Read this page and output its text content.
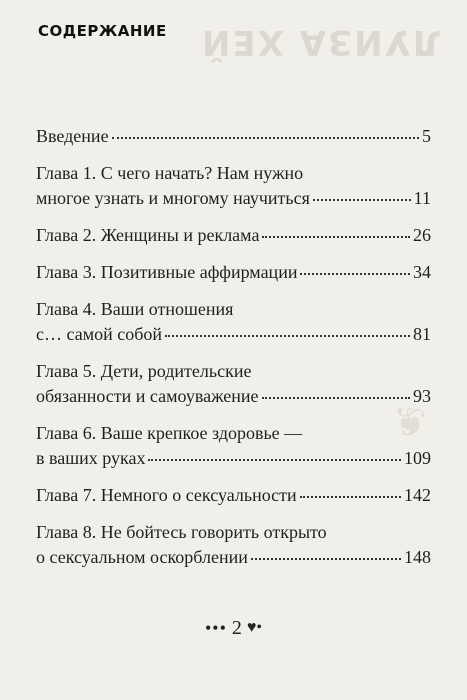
СОДЕРЖАНИЕ ЛУИЗА ХЕЙ
❦
Введение	5
Глава 1. С чего начать? Нам нужно
многое узнать и многому научиться	11
Глава 2. Женщины и реклама	26
Глава 3. Позитивные аффирмации	34
Глава 4. Ваши отношения
с… самой собой	81
Глава 5. Дети, родительские
обязанности и самоуважение	93
Глава 6. Ваше крепкое здоровье —
в ваших руках	109
Глава 7. Немного о сексуальности	142
Глава 8. Не бойтесь говорить открыто
о сексуальном оскорблении	148
••• 2 ♥•
